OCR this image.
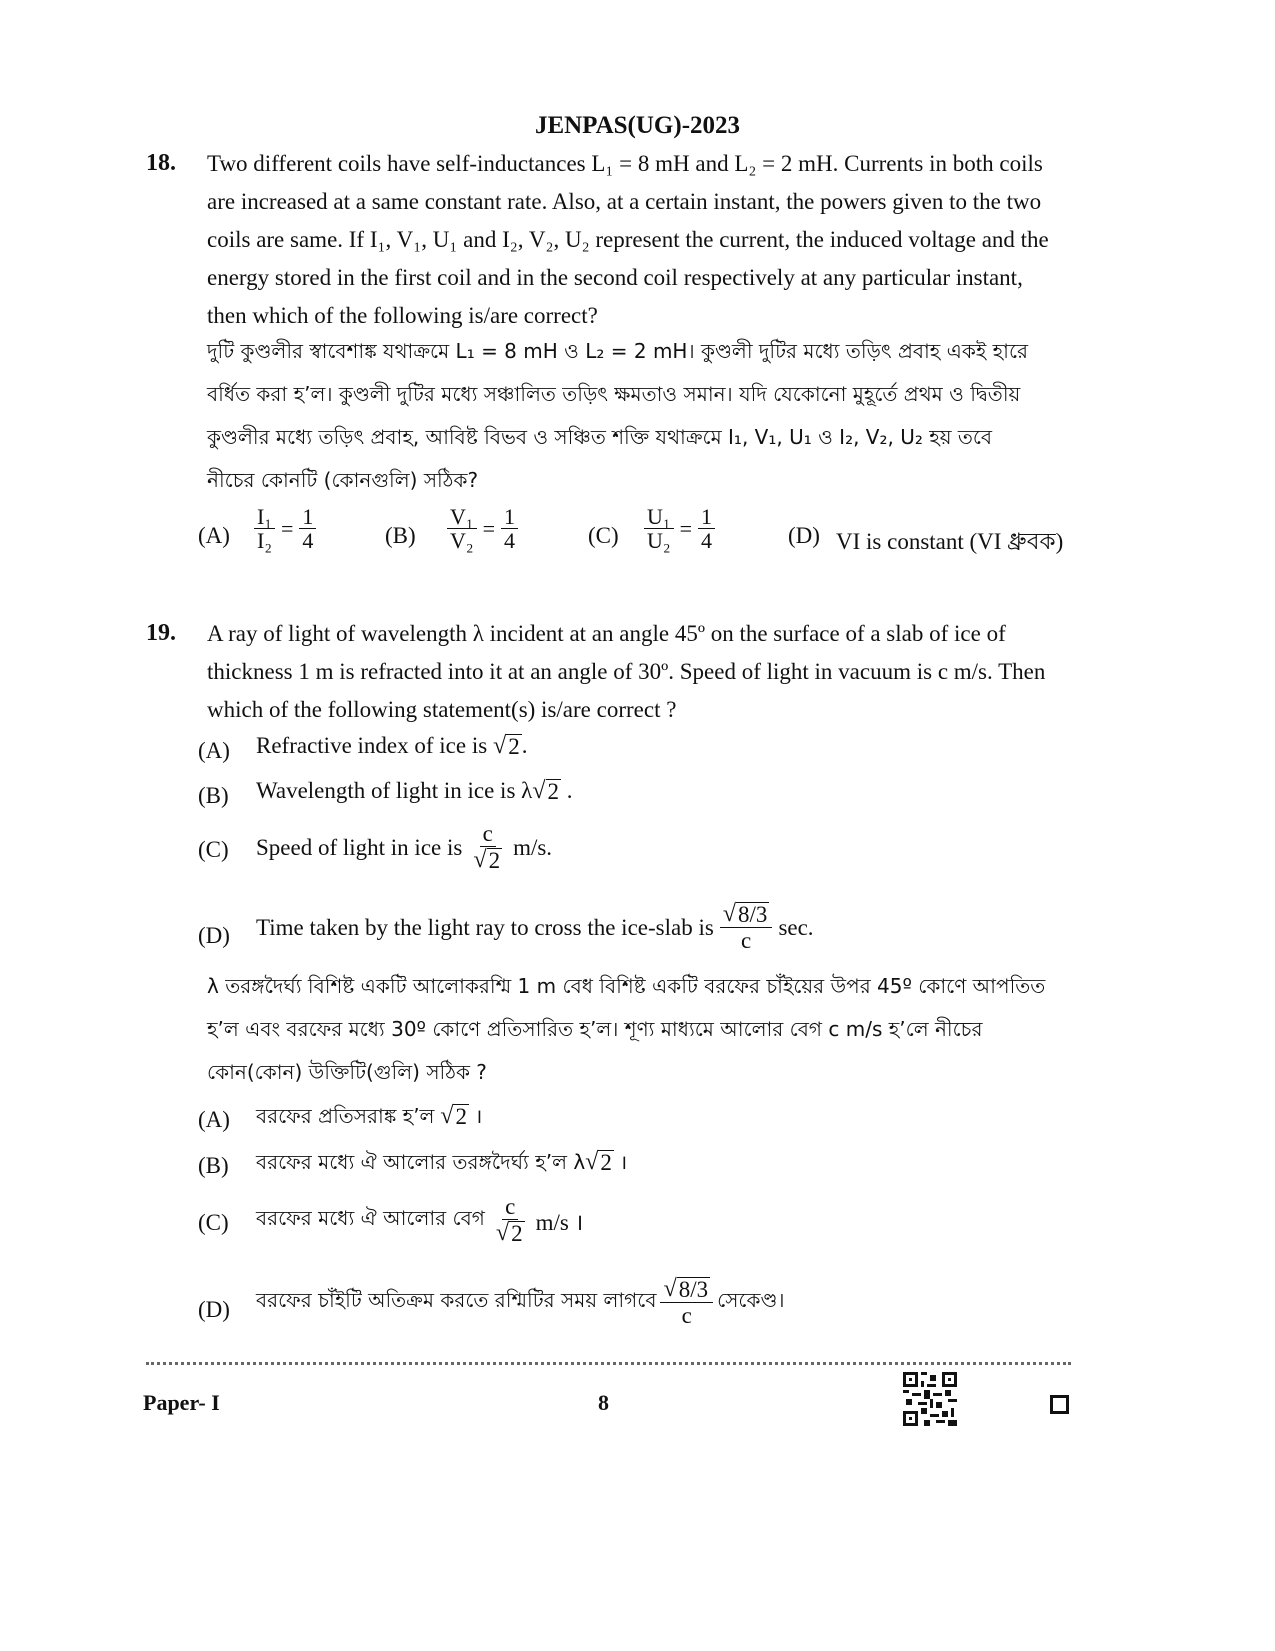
JENPAS(UG)-2023
18. Two different coils have self-inductances L₁ = 8 mH and L₂ = 2 mH. Currents in both coils
are increased at a same constant rate. Also, at a certain instant, the powers given to the two
coils are same. If I₁, V₁, U₁ and I₂, V₂, U₂ represent the current, the induced voltage and the
energy stored in the first coil and in the second coil respectively at any particular instant,
then which of the following is/are correct?
দুটি কুণ্ডলীর স্বাবেশাঙ্ক যথাক্রমে L₁ = 8 mH ও L₂ = 2 mH। কুণ্ডলী দুটির মধ্যে তড়িৎ প্রবাহ একই হারে
বর্ধিত করা হ’ল। কুণ্ডলী দুটির মধ্যে সঞ্চালিত তড়িৎ ক্ষমতাও সমান। যদি যেকোনো মুহূর্তে প্রথম ও দ্বিতীয়
কুণ্ডলীর মধ্যে তড়িৎ প্রবাহ, আবিষ্ট বিভব ও সঞ্চিত শক্তি যথাক্রমে I₁, V₁, U₁ ও I₂, V₂, U₂ হয় তবে
নীচের কোনটি (কোনগুলি) সঠিক?
$(A) \frac{\text{I₁}}{\text{I₂}} = \frac{1}{4}$	$(B) \frac{\text{V₁}}{\text{V₂}} = \frac{1}{4}$	$(C) \frac{\text{U₁}}{\text{U₂}} = \frac{1}{4}$	(D) VI is constant (VI ধ্রুবক)
19. A ray of light of wavelength λ incident at an angle 45º on the surface of a slab of ice of
thickness 1 m is refracted into it at an angle of 30º. Speed of light in vacuum is c m/s. Then
which of the following statement(s) is/are correct ?
(A) Refractive index of ice is √ 2 .
(B) Wavelength of light in ice is λ √ 2 .
(C) Speed of light in ice is $\frac{c}{√ 2} m/s$.
(D) Time taken by the light ray to cross the ice-slab is $\frac{√ 8/3}{c} \sec$.
λ তরঙ্গদৈর্ঘ্য বিশিষ্ট একটি আলোকরশ্মি 1 m বেধ বিশিষ্ট একটি বরফের চাঁইয়ের উপর 45º কোণে আপতিত
হ’ল এবং বরফের মধ্যে 30º কোণে প্রতিসারিত হ’ল। শূণ্য মাধ্যমে আলোর বেগ c m/s হ’লে নীচের
কোন(কোন) উক্তিটি(গুলি) সঠিক ?
(A) বরফের প্রতিসরাঙ্ক হ’ল √ 2 ।
(B) বরফের মধ্যে ঐ আলোর তরঙ্গদৈর্ঘ্য হ’ল λ √ 2 ।
(C) বরফের মধ্যে ঐ আলোর বেগ $\frac{c}{√ 2} m/s$ ।
(D) বরফের চাঁইটি অতিক্রম করতে রশ্মিটির সময় লাগবে $\frac{√ 8/3}{c}$ সেকেণ্ড।
Paper- I	8
